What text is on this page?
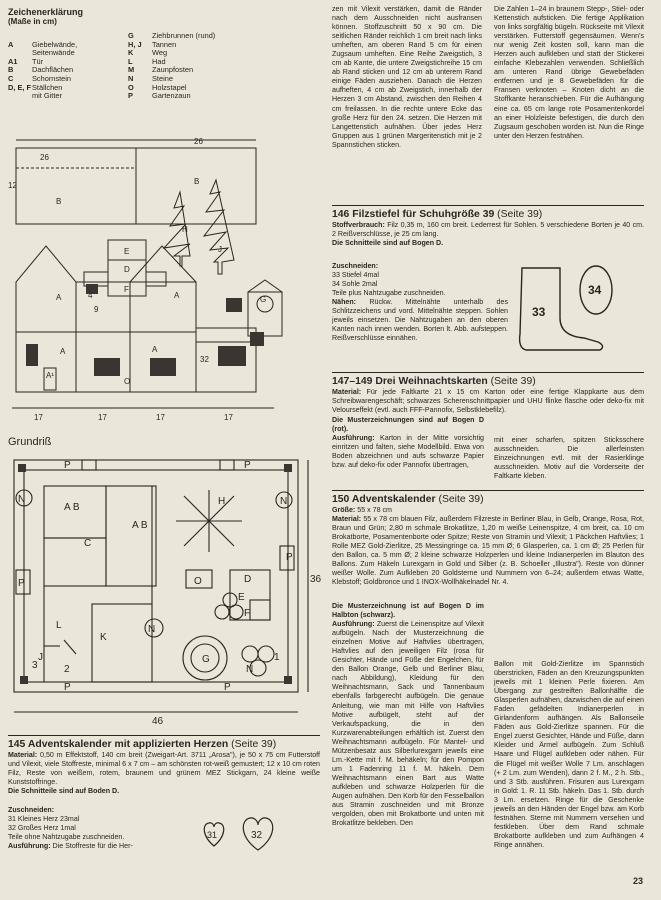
Zeichenerklärung
(Maße in cm)
A	Giebelwände,
Seitenwände
A1	Tür
B	Dachflächen
C	Schornstein
D, E, F Ställchen
mit Gitter
G	Ziehbrunnen (rund)
H, J	Tannen
K	Weg
L	Had
M	Zaunpfosten
N	Steine
O	Holzstapel
P	Gartenzaun
26
26
12
17	17	17	17
4
9
32
B
B
E
D
F
A	A
A
A
A¹
O
G
H
J
Grundriß
A B
A B
C
K
H
N	N
N
D
E
F
O
L
J
P	P
P
P
P	P
G
N
46
36
3	2
1

zen mit Vilexit verstärken, damit die Ränder nach dem Ausschneiden nicht ausfransen können. Stoffzuschnitt 50 x 90 cm. Die seitlichen Ränder reichlich 1 cm breit nach links umheften, am oberen Rand 5 cm für einen Zugsaum umheften. Eine Reihe Zweigstich, 3 cm ab Kante, die untere Zweigstichreihe 15 cm ab Rand sticken und 12 cm ab unterem Rand einige Fäden ausziehen. Danach die Herzen aufheften, 4 cm ab Zweigstich, innerhalb der Herzen 3 cm Abstand, zwischen den Reihen 4 cm freilassen. In die rechte untere Ecke das große Herz für den 24. setzen. Die Herzen mit Langettenstich aufnähen. Über jedes Herz Gruppen aus 1 grünen Margeritenstich mit je 2 Spannstichen sticken.

Die Zahlen 1–24 in braunem Stepp-, Stiel- oder Kettenstich aufsticken. Die fertige Applikation von links sorgfältig bügeln. Rückseite mit Vilexit verstärken. Futterstoff gegensäumen. Wenn's nur wenig Zeit kosten soll, kann man die Herzen auch aufkleben und statt der Stickerei einfache Klebezahlen verwenden. Schließlich am unteren Rand übrige Gewebefäden entfernen und je 8 Gewebefäden für die Fransen verknoten – Knoten dicht an die Stoffkante heranschieben. Für die Aufhängung eine ca. 65 cm lange rote Posamentenkordel an einer Holzleiste befestigen, die durch den Zugsaum geschoben worden ist. Nun die Ringe unter den Herzen festnähen.

146 Filzstiefel für Schuhgröße 39 (Seite 39)

Stoffverbrauch: Filz 0,35 m, 160 cm breit. Lederrest für Sohlen. 5 verschiedene Borten je 40 cm. 2 Reißverschlüsse, je 25 cm lang.

Die Schnitteile sind auf Bogen D.

Zuschneiden:

33 Stiefel 4mal

34 Sohle 2mal

Teile plus Nahtzugabe zuschneiden.

Nähen: Rückw. Mittelnähte unterhalb des Schlitzzeichens und vord. Mittelnähte steppen. Sohlen jeweils einsetzen. Die Nahtzugaben an den oberen Kanten nach innen wenden. Borten lt. Abb. aufsteppen. Reißverschlüsse einnähen.

33
34
147–149 Drei Weihnachtskarten (Seite 39)

Material: Für jede Faltkarte 21 x 15 cm Karton oder eine fertige Klappkarte aus dem Schreibwarengeschäft; schwarzes Scherenschnittpapier und UHU flinke flasche oder deko-fix mit Velourseffekt (evtl. auch FFF-Pannofix, Selbstklebefilz).

Die Musterzeichnungen sind auf Bogen D (rot).

Ausführung: Karton in der Mitte vorsichtig einritzen und falten, siehe Modellbild. Etwa von Boden abzeichnen und aufs schwarze Papier bzw. auf deko-fix oder Pannofix übertragen,

mit einer scharfen, spitzen Sticksschere ausschneiden. Die allerfeinsten Einzeichnungen evtl. mit der Rasierklinge ausschneiden. Motiv auf die Vorderseite der Faltkarte kleben.

150 Adventskalender (Seite 39)

Größe: 55 x 78 cm

Material: 55 x 78 cm blauen Filz, außerdem Filzreste in Berliner Blau, in Gelb, Orange, Rosa, Rot, Braun und Grün; 2,80 m schmale Brokatlitze, 1,20 m weiße Leinenspitze, 4 cm breit, ca. 10 cm Brokatborte, Posamentenborte oder Spitze; Reste von Stramin und Vilexit; 1 Päckchen Haftvlies; 1 Rolle MEZ Gold-Zierlitze, 25 Messingringe ca. 15 mm Ø; 6 Glasperlen, ca. 1 cm Ø; 25 Perlen für den Ballon, ca. 5 mm Ø; 2 kleine schwarze Holzperlen und kleine Indianerperlen im Blauton des Ballons. Zum Häkeln Lurexgarn in Gold und Silber (z. B. Schoeller „Illustra"). Reste von dünner weißer Wolle. Zum Aufkleben 20 Goldsterne und Nummern von 6–24; außerdem etwas Watte, Klebstoff; Goldbronce und 1 INOX-Wollhäkelnadel Nr. 4.

Die Musterzeichnung ist auf Bogen D im Halbton (schwarz).

Ausführung: Zuerst die Leinenspitze auf Vilexit aufbügeln. Nach der Musterzeichnung die einzelnen Motive auf Haftvlies übertragen, Haftvlies auf den jeweiligen Filz (rosa für Gesichter, Hände und Füße der Engelchen, für den Ballon Orange, Gelb und Berliner Blau, nach Abbildung), Kleidung für den Weihnachtsmann, Sack und Tannenbaum ebenfalls farbgerecht aufbügeln. Die genaue Anleitung, wie man mit Hilfe von Haftvlies Motive aufbügelt, steht auf der Verkaufspackung, die in den Kurzwarenabteilungen erhältlich ist. Zuerst den Weihnachtsmann aufbügeln. Für Mantel- und Mützenbesatz aus Silberlurexgarn jeweils eine Lm.-Kette mit f. M. behäkeln; für den Pompon um 1 Fadenring 11 f. M. häkeln. Dem Weihnachtsmann einen Bart aus Watte aufkleben und schwarze Holzperlen für die Augen aufnähen. Den Korb für den Fesselballon aus Stramin zuschneiden und mit Bronze vergolden, oben mit Brokatborte und unten mit Brokatlitze bekleben. Den

Ballon mit Gold-Zierlitze im Spannstich überstricken, Fäden an den Kreuzungspunkten jeweils mit 1 kleinen Perle fixieren. Am Übergang zur gestreiften Ballonhälfte die Glasperlen aufnähen, dazwischen die auf einen Faden gefädelten Indianerperlen in Girlandenform aufhängen. Als Ballonseile Fäden aus Gold-Zierlitze spannen. Für die Engel zuerst Gesichter, Hände und Füße, dann Kleider und Ärmel aufbügeln. Zum Schluß Haare und Flügel aufkleben oder nähen. Für die Flügel mit weißer Wolle 7 Lm. anschlagen (+ 2 Lm. zum Wenden), dann 2 f. M., 2 h. Stb., und 3 Stb. ausführen. Frisuren aus Lurexgarn in Gold: 1. R. 11 Stb. häkeln. Das 1. Stb. durch 3 Lm. ersetzen. Ringe für die Geschenke jeweils an den Händen der Engel bzw. am Korb festnähen. Sterne mit Nummern versehen und festkleben. Über dem Rand schmale Brokatborte aufkleben und zum Aufhängen 4 Ringe annähen.

145 Adventskalender mit applizierten Herzen (Seite 39)

Material: 0,50 m Effektstoff, 140 cm breit (Zweigart-Art. 3711 „Arosa"), je 50 x 75 cm Futterstoff und Vilexit, viele Stoffreste, minimal 6 x 7 cm – am schönsten rot-weiß gemustert; 12 x 10 cm roten Filz, Reste von weißem, rotem, braunem und grünem MEZ Stickgarn, 24 kleine weiße Kunststoffringe.

Die Schnitteile sind auf Boden D.

Zuschneiden:

31 Kleines Herz 23mal

32 Großes Herz 1mal

Teile ohne Nahtzugabe zuschneiden.

Ausführung: Die Stoffreste für die Her-

31	32
23
